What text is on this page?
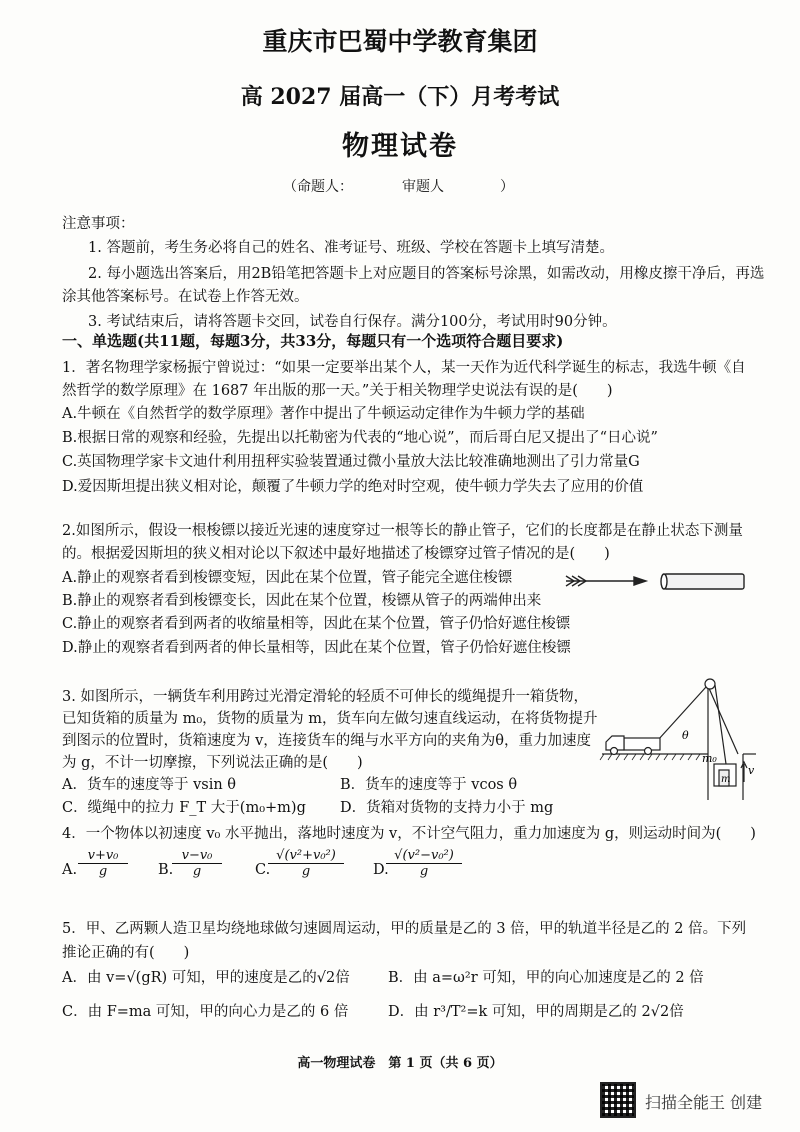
重庆市巴蜀中学教育集团
高 2027 届高一（下）月考考试
物理试卷
（命题人：　　　　审题人　　　　）
注意事项：
1. 答题前，考生务必将自己的姓名、准考证号、班级、学校在答题卡上填写清楚。
2. 每小题选出答案后，用2B铅笔把答题卡上对应题目的答案标号涂黑，如需改动，用橡皮擦干净后，再选
涂其他答案标号。在试卷上作答无效。
3. 考试结束后，请将答题卡交回，试卷自行保存。满分100分，考试用时90分钟。
一、单选题(共11题，每题3分，共33分，每题只有一个选项符合题目要求)
1．著名物理学家杨振宁曾说过：“如果一定要举出某个人，某一天作为近代科学诞生的标志，我选牛顿《自
然哲学的数学原理》在 1687 年出版的那一天。”关于相关物理学史说法有误的是(　　)
A.牛顿在《自然哲学的数学原理》著作中提出了牛顿运动定律作为牛顿力学的基础
B.根据日常的观察和经验，先提出以托勒密为代表的“地心说”，而后哥白尼又提出了“日心说”
C.英国物理学家卡文迪什利用扭秤实验装置通过微小量放大法比较准确地测出了引力常量G
D.爱因斯坦提出狭义相对论，颠覆了牛顿力学的绝对时空观，使牛顿力学失去了应用的价值
2.如图所示，假设一根梭镖以接近光速的速度穿过一根等长的静止管子，它们的长度都是在静止状态下测量
的。根据爱因斯坦的狭义相对论以下叙述中最好地描述了梭镖穿过管子情况的是(　　)
A.静止的观察者看到梭镖变短，因此在某个位置，管子能完全遮住梭镖
B.静止的观察者看到梭镖变长，因此在某个位置，梭镖从管子的两端伸出来
C.静止的观察者看到两者的收缩量相等，因此在某个位置，管子仍恰好遮住梭镖
D.静止的观察者看到两者的伸长量相等，因此在某个位置，管子仍恰好遮住梭镖
3. 如图所示，一辆货车利用跨过光滑定滑轮的轻质不可伸长的缆绳提升一箱货物，
已知货箱的质量为 m₀，货物的质量为 m，货车向左做匀速直线运动，在将货物提升
到图示的位置时，货箱速度为 v，连接货车的绳与水平方向的夹角为θ，重力加速度
为 g，不计一切摩擦，下列说法正确的是(　　)
A．货车的速度等于 vsin θ	B．货车的速度等于 vcos θ
C．缆绳中的拉力 F_T 大于(m₀+m)g D．货箱对货物的支持力小于 mg
θ
m₀
m
v
4．一个物体以初速度 v₀ 水平抛出，落地时速度为 v，不计空气阻力，重力加速度为 g，则运动时间为(　　)
A. $\frac{\text{v+v₀}}{g} B$.
$\frac{\text{v−v₀}}{g} C$.
$\frac{\text{√(v²+v₀²)}}{g} D$.
$\frac{\text{√(v²−v₀²)}}{g}$
5．甲、乙两颗人造卫星均绕地球做匀速圆周运动，甲的质量是乙的 3 倍，甲的轨道半径是乙的 2 倍。下列
推论正确的有(　　)
A．由 v=√(gR) 可知，甲的速度是乙的√2倍	B．由 a=ω²r 可知，甲的向心加速度是乙的 2 倍
C．由 F=ma 可知，甲的向心力是乙的 6 倍	D．由 r³/T²=k 可知，甲的周期是乙的 2√2倍
高一物理试卷　第 1 页（共 6 页）
扫描全能王 创建
